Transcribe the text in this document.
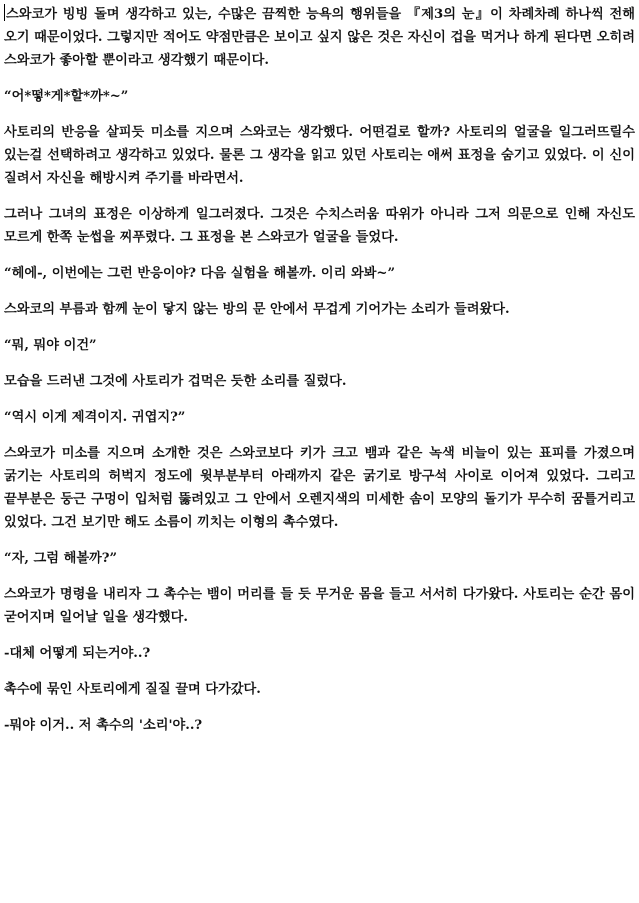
스와코가 빙빙 돌며 생각하고 있는, 수많은 끔찍한 능욕의 행위들을 『제3의 눈』이 차례차례 하나씩 전해 오기 때문이었다. 그렇지만 적어도 약점만큼은 보이고 싶지 않은 것은 자신이 겁을 먹거나 하게 된다면 오히려 스와코가 좋아할 뿐이라고 생각했기 때문이다.

“어*떻*게*할*까*~”

사토리의 반응을 살피듯 미소를 지으며 스와코는 생각했다. 어떤걸로 할까? 사토리의 얼굴을 일그러뜨릴수 있는걸 선택하려고 생각하고 있었다. 물론 그 생각을 읽고 있던 사토리는 애써 표정을 숨기고 있었다. 이 신이 질려서 자신을 해방시켜 주기를 바라면서.

그러나 그녀의 표정은 이상하게 일그러졌다. 그것은 수치스러움 따위가 아니라 그저 의문으로 인해 자신도 모르게 한쪽 눈썹을 찌푸렸다. 그 표정을 본 스와코가 얼굴을 들었다.

“헤에-, 이번에는 그런 반응이야? 다음 실험을 해볼까. 이리 와봐~”

스와코의 부름과 함께 눈이 닿지 않는 방의 문 안에서 무겁게 기어가는 소리가 들려왔다.

“뭐, 뭐야 이건”

모습을 드러낸 그것에 사토리가 겁먹은 듯한 소리를 질렀다.

“역시 이게 제격이지. 귀엽지?”

스와코가 미소를 지으며 소개한 것은 스와코보다 키가 크고 뱀과 같은 녹색 비늘이 있는 표피를 가졌으며 굵기는 사토리의 허벅지 정도에 윗부분부터 아래까지 같은 굵기로 방구석 사이로 이어져 있었다. 그리고 끝부분은 둥근 구멍이 입처럼 뚫려있고 그 안에서 오렌지색의 미세한 솜이 모양의 돌기가 무수히 꿈틀거리고 있었다. 그건 보기만 해도 소름이 끼치는 이형의 촉수였다.

“자, 그럼 해볼까?”

스와코가 명령을 내리자 그 촉수는 뱀이 머리를 들 듯 무거운 몸을 들고 서서히 다가왔다. 사토리는 순간 몸이 굳어지며 일어날 일을 생각했다.

-대체 어떻게 되는거야..?

촉수에 묶인 사토리에게 질질 끌며 다가갔다.

-뭐야 이거.. 저 촉수의 '소리'야..?
